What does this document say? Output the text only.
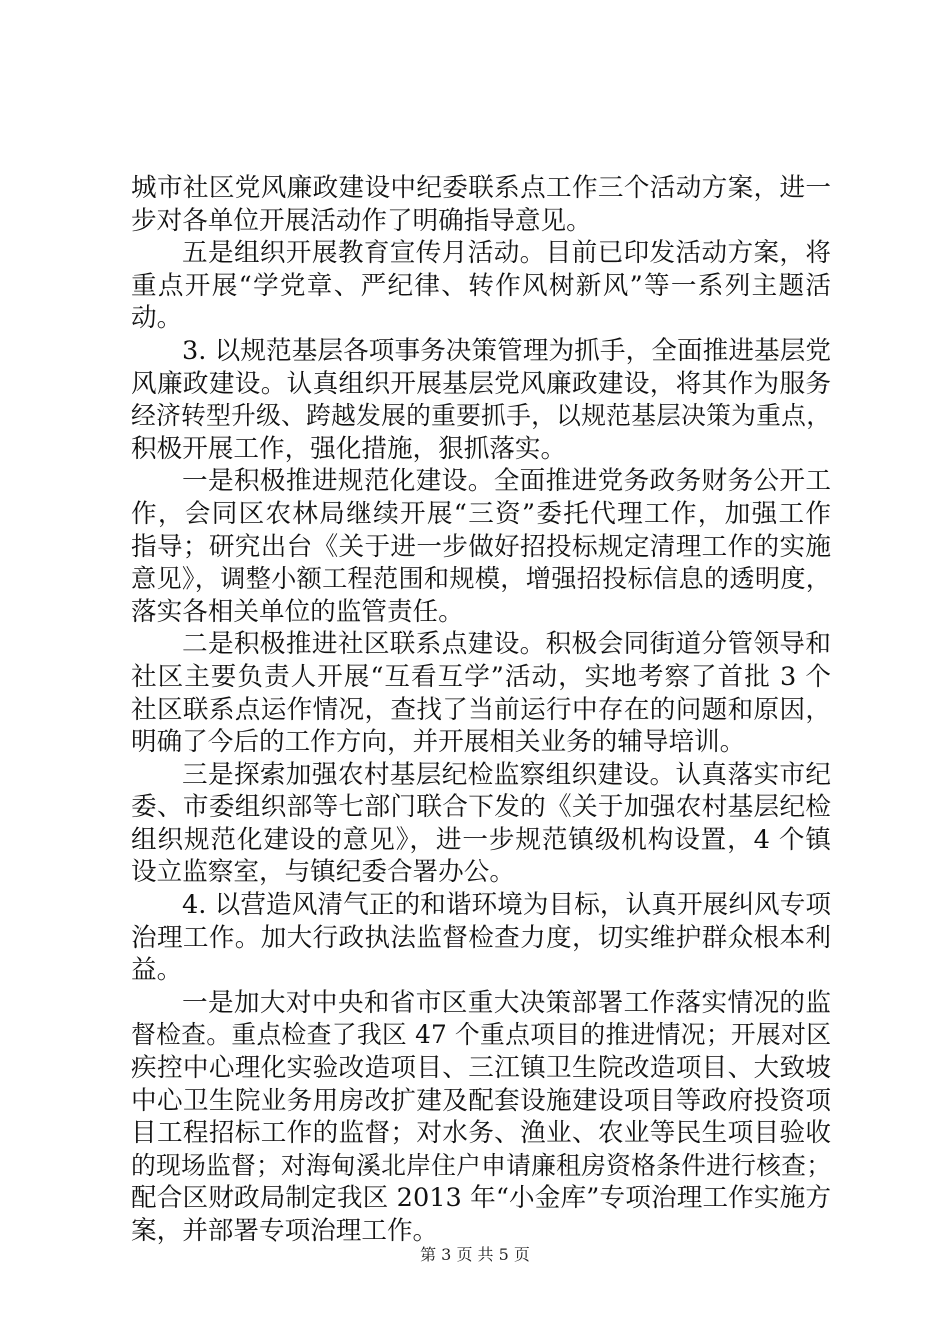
城市社区党风廉政建设中纪委联系点工作三个活动方案，进一
步对各单位开展活动作了明确指导意见。
五是组织开展教育宣传月活动。目前已印发活动方案，将
重点开展“学党章、严纪律、转作风树新风”等一系列主题活
动。
3. 以规范基层各项事务决策管理为抓手，全面推进基层党
风廉政建设。认真组织开展基层党风廉政建设，将其作为服务
经济转型升级、跨越发展的重要抓手，以规范基层决策为重点，
积极开展工作，强化措施，狠抓落实。
一是积极推进规范化建设。全面推进党务政务财务公开工
作，会同区农林局继续开展“三资”委托代理工作，加强工作
指导；研究出台《关于进一步做好招投标规定清理工作的实施
意见》，调整小额工程范围和规模，增强招投标信息的透明度，
落实各相关单位的监管责任。
二是积极推进社区联系点建设。积极会同街道分管领导和
社区主要负责人开展“互看互学”活动，实地考察了首批 3 个
社区联系点运作情况，查找了当前运行中存在的问题和原因，
明确了今后的工作方向，并开展相关业务的辅导培训。
三是探索加强农村基层纪检监察组织建设。认真落实市纪
委、市委组织部等七部门联合下发的《关于加强农村基层纪检
组织规范化建设的意见》，进一步规范镇级机构设置，4 个镇
设立监察室，与镇纪委合署办公。
4. 以营造风清气正的和谐环境为目标，认真开展纠风专项
治理工作。加大行政执法监督检查力度，切实维护群众根本利
益。
一是加大对中央和省市区重大决策部署工作落实情况的监
督检查。重点检查了我区 47 个重点项目的推进情况；开展对区
疾控中心理化实验改造项目、三江镇卫生院改造项目、大致坡
中心卫生院业务用房改扩建及配套设施建设项目等政府投资项
目工程招标工作的监督；对水务、渔业、农业等民生项目验收
的现场监督；对海甸溪北岸住户申请廉租房资格条件进行核查；
配合区财政局制定我区 2013 年“小金库”专项治理工作实施方
案，并部署专项治理工作。
第 3 页 共 5 页
